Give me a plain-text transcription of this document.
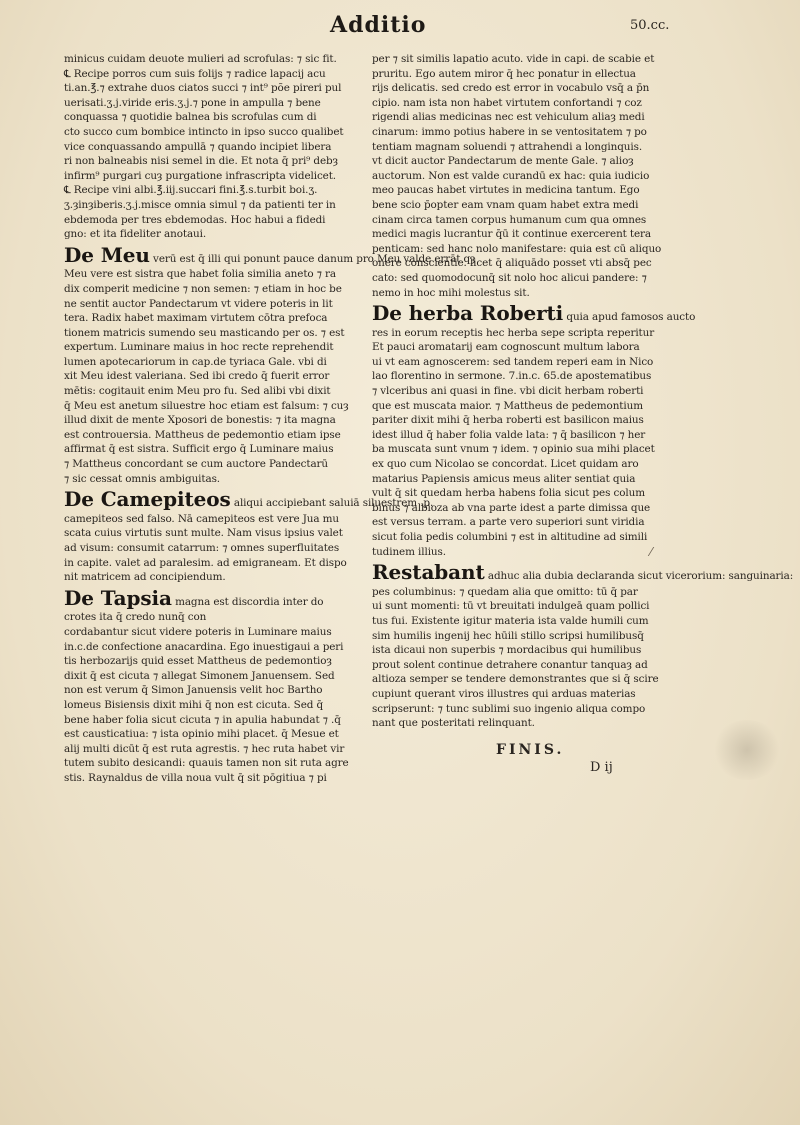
Additio	50.cc.
minicus cuidam deuote mulieri ad scrofulas: ⁊ sic fit.
℄ Recipe porros cum suis folijs ⁊ radice lapacij acu
ti.an.℥.⁊ extrahe duos ciatos succi ⁊ int⁹ põe pireri pul
uerisati.ʒ.j.viride eris.ʒ.j.⁊ pone in ampulla ⁊ bene
conquassa ⁊ quotidie balnea bis scrofulas cum di
cto succo cum bombice intincto in ipso succo qualibet
vice conquassando ampullā ⁊ quando incipiet libera
ri non balneabis nisi semel in die. Et nota q̄ pri⁹ debȝ
infirm⁹ purgari cuȝ purgatione infrascripta videlicet.
℄ Recipe vini albi.℥.iij.succari fini.℥.s.turbit boi.ʒ.
ʒ.ȝinȝiberis.ʒ.j.misce omnia simul ⁊ da patienti ter in
ebdemoda per tres ebdemodas. Hoc habui a fidedi
gno: et ita fideliter anotaui.
De Meu verū est q̄ illi qui ponunt pauce danum pro Meu valde errāt qȝ
Meu vere est sistra que habet folia similia aneto ⁊ ra
dix comperit medicine ⁊ non semen: ⁊ etiam in hoc be
ne sentit auctor Pandectarum vt videre poteris in lit
tera. Radix habet maximam virtutem cōtra prefoca
tionem matricis sumendo seu masticando per os. ⁊ est
expertum. Luminare maius in hoc recte reprehendit
lumen apotecariorum in cap.de tyriaca Gale. vbi di
xit Meu idest valeriana. Sed ibi credo q̄ fuerit error
mētis: cogitauit enim Meu pro fu. Sed alibi vbi dixit
q̄ Meu est anetum siluestre hoc etiam est falsum: ⁊ cuȝ
illud dixit de mente Xposori de bonestis: ⁊ ita magna
est controuersia. Mattheus de pedemontio etiam ipse
affirmat q̄ est sistra. Sufficit ergo q̄ Luminare maius
⁊ Mattheus concordant se cum auctore Pandectarū
⁊ sic cessat omnis ambiguitas.
De Camepiteos aliqui accipiebant saluiā siluestrem .p.
camepiteos sed falso. Nā camepiteos est vere Jua mu
scata cuius virtutis sunt multe. Nam visus ipsius valet
ad visum: consumit catarrum: ⁊ omnes superfluitates
in capite. valet ad paralesim. ad emigraneam. Et dispo
nit matricem ad concipiendum.
De Tapsia magna est discordia inter do
crotes ita q̄ credo nunq̄ con
cordabantur sicut videre poteris in Luminare maius
in.c.de confectione anacardina. Ego inuestigaui a peri
tis herbozarijs quid esset Mattheus de pedemontioȝ
dixit q̄ est cicuta ⁊ allegat Simonem Januensem. Sed
non est verum q̄ Simon Januensis velit hoc Bartho
lomeus Bisiensis dixit mihi q̄ non est cicuta. Sed q̄
bene haber folia sicut cicuta ⁊ in apulia habundat ⁊ .q̄
est causticatiua: ⁊ ista opinio mihi placet. q̄ Mesue et
alij multi dicūt q̄ est ruta agrestis. ⁊ hec ruta habet vir
tutem subito desicandi: quauis tamen non sit ruta agre
stis. Raynaldus de villa noua vult q̄ sit pōgitiua ⁊ pi
per ⁊ sit similis lapatio acuto. vide in capi. de scabie et
pruritu. Ego autem miror q̄ hec ponatur in ellectua
rijs delicatis. sed credo est error in vocabulo vsq̄ a p̄n
cipio. nam ista non habet virtutem confortandi ⁊ coz
rigendi alias medicinas nec est vehiculum aliaȝ medi
cinarum: immo potius habere in se ventositatem ⁊ po
tentiam magnam soluendi ⁊ attrahendi a longinquis.
vt dicit auctor Pandectarum de mente Gale. ⁊ alioȝ
auctorum. Non est valde curandū ex hac: quia iudicio
meo paucas habet virtutes in medicina tantum. Ego
bene scio p̄opter eam vnam quam habet extra medi
cinam circa tamen corpus humanum cum qua omnes
medici magis lucrantur q̄ū it continue exercerent tera
penticam: sed hanc nolo manifestare: quia est cū aliquo
onere conscientie. licet q̄ aliquādo posset vti absq̄ pec
cato: sed quomodocunq̄ sit nolo hoc alicui pandere: ⁊
nemo in hoc mihi molestus sit.
De herba Roberti quia apud famosos aucto
res in eorum receptis hec herba sepe scripta reperitur
Et pauci aromatarij eam cognoscunt multum labora
ui vt eam agnoscerem: sed tandem reperi eam in Nico
lao florentino in sermone. 7.in.c. 65.de apostematibus
⁊ vlceribus ani quasi in fine. vbi dicit herbam roberti
que est muscata maior. ⁊ Mattheus de pedemontium
pariter dixit mihi q̄ herba roberti est basilicon maius
idest illud q̄ haber folia valde lata: ⁊ q̄ basilicon ⁊ her
ba muscata sunt vnum ⁊ idem. ⁊ opinio sua mihi placet
ex quo cum Nicolao se concordat. Licet quidam aro
matarius Papiensis amicus meus aliter sentiat quia
vult q̄ sit quedam herba habens folia sicut pes colum
binus ⁊ albioza ab vna parte idest a parte dimissa que
est versus terram. a parte vero superiori sunt viridia
sicut folia pedis columbini ⁊ est in altitudine ad simili
tudinem illius.
Restabant adhuc alia dubia declaranda sicut vicerorium: sanguinaria:
pes columbinus: ⁊ quedam alia que omitto: tū q̄ par
ui sunt momenti: tū vt breuitati indulgeā quam pollici
tus fui. Existente igitur materia ista valde humili cum
sim humilis ingenij hec hūili stillo scripsi humilibusq̄
ista dicaui non superbis ⁊ mordacibus qui humilibus
prout solent continue detrahere conantur tanquaȝ ad
altioza semper se tendere demonstrantes que si q̄ scire
cupiunt querant viros illustres qui arduas materias
scripserunt: ⁊ tunc sublimi suo ingenio aliqua compo
nant que posteritati relinquant.
FINIS.
D ij
⁄
